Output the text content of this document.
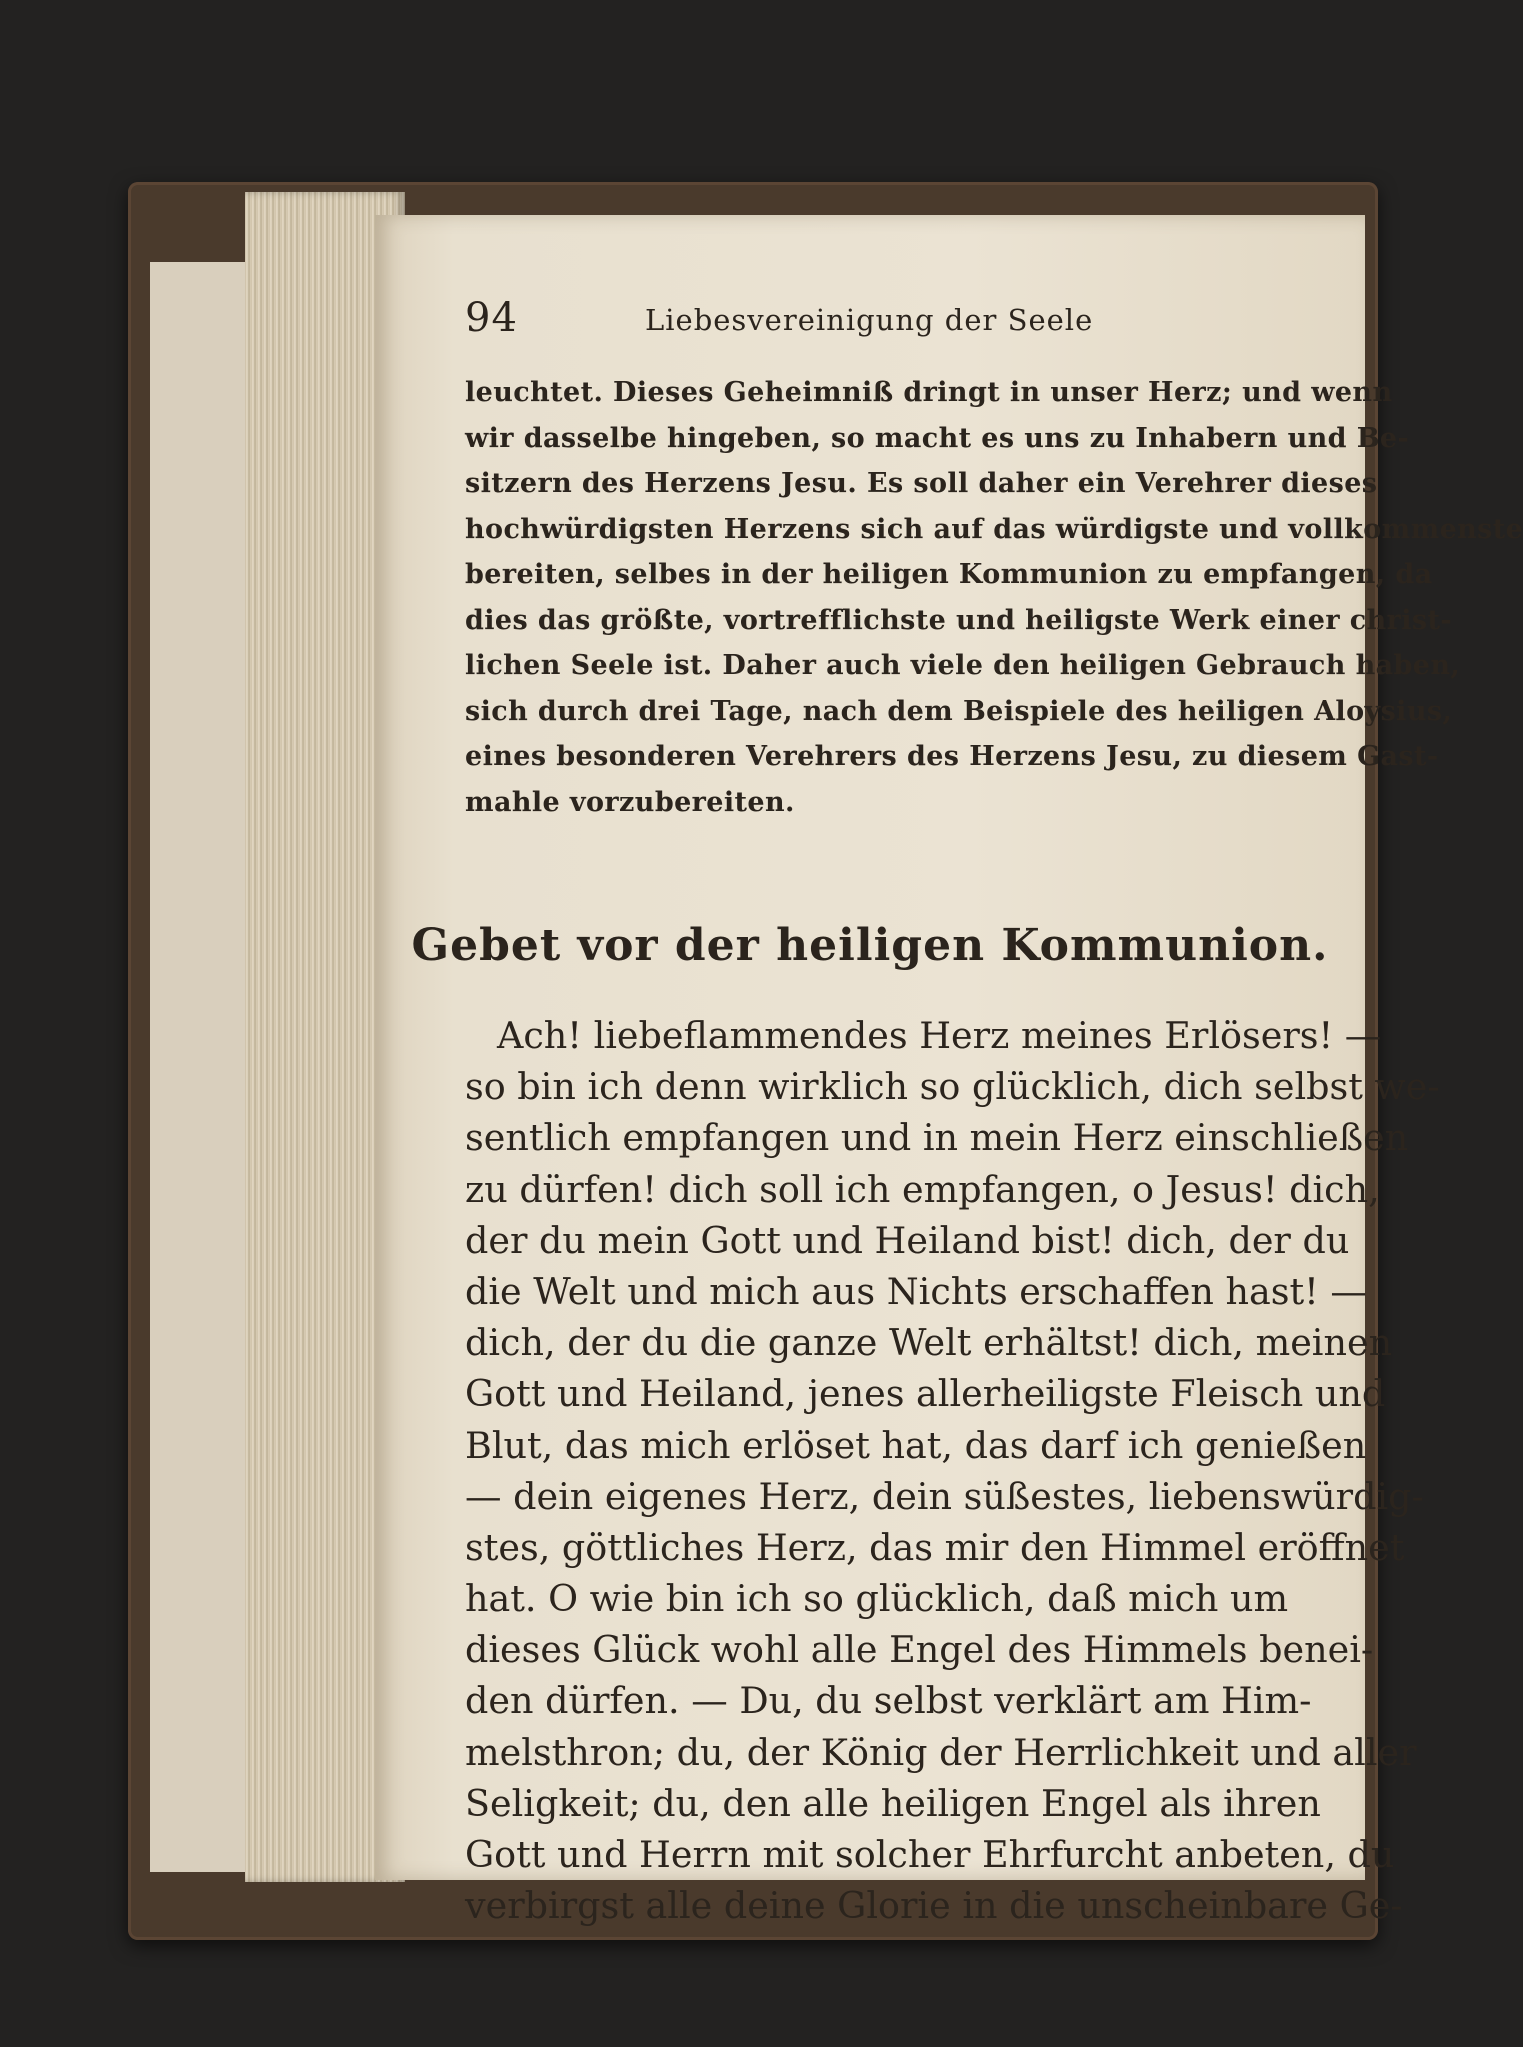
94	Liebesvereinigung der Seele
leuchtet. Dieses Geheimniß dringt in unser Herz; und wenn
wir dasselbe hingeben, so macht es uns zu Inhabern und Be-
sitzern des Herzens Jesu. Es soll daher ein Verehrer dieses
hochwürdigsten Herzens sich auf das würdigste und vollkommenste
bereiten, selbes in der heiligen Kommunion zu empfangen, da
dies das größte, vortrefflichste und heiligste Werk einer christ-
lichen Seele ist. Daher auch viele den heiligen Gebrauch haben,
sich durch drei Tage, nach dem Beispiele des heiligen Aloysius,
eines besonderen Verehrers des Herzens Jesu, zu diesem Gast-
mahle vorzubereiten.
Gebet vor der heiligen Kommunion.
Ach! liebeflammendes Herz meines Erlösers! —
so bin ich denn wirklich so glücklich, dich selbst we-
sentlich empfangen und in mein Herz einschließen
zu dürfen! dich soll ich empfangen, o Jesus! dich,
der du mein Gott und Heiland bist! dich, der du
die Welt und mich aus Nichts erschaffen hast! —
dich, der du die ganze Welt erhältst! dich, meinen
Gott und Heiland, jenes allerheiligste Fleisch und
Blut, das mich erlöset hat, das darf ich genießen
— dein eigenes Herz, dein süßestes, liebenswürdig-
stes, göttliches Herz, das mir den Himmel eröffnet
hat. O wie bin ich so glücklich, daß mich um
dieses Glück wohl alle Engel des Himmels benei-
den dürfen. — Du, du selbst verklärt am Him-
melsthron; du, der König der Herrlichkeit und aller
Seligkeit; du, den alle heiligen Engel als ihren
Gott und Herrn mit solcher Ehrfurcht anbeten, du
verbirgst alle deine Glorie in die unscheinbare Ge-
